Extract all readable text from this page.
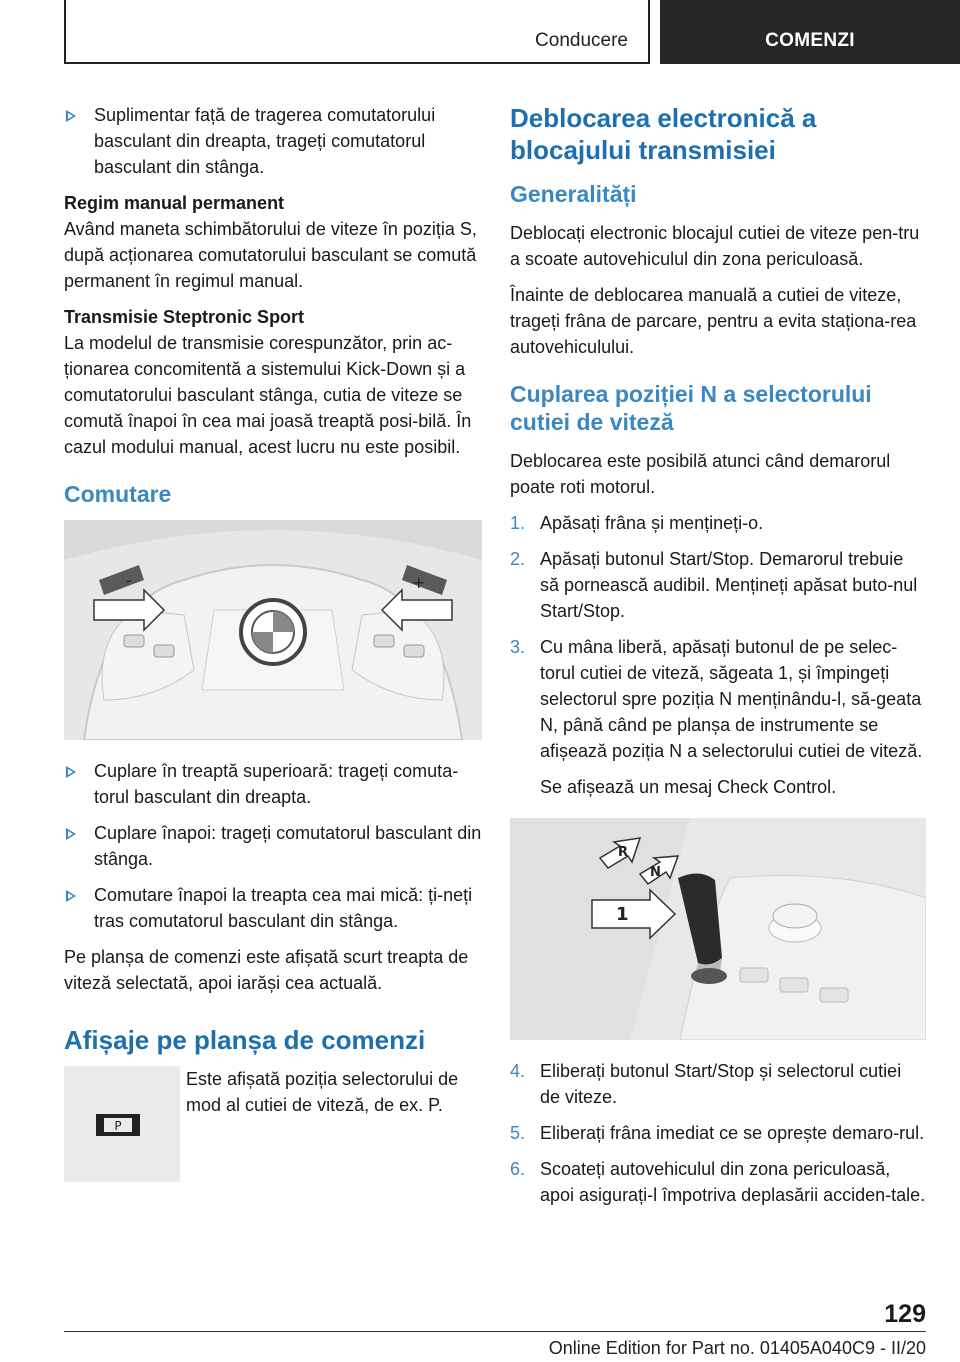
Conducere	COMENZI
Suplimentar față de tragerea comutatorului basculant din dreapta, trageți comutatorul basculant din stânga.
Regim manual permanent

Având maneta schimbătorului de viteze în poziția S, după acționarea comutatorului basculant se comută permanent în regimul manual.

Transmisie Steptronic Sport

La modelul de transmisie corespunzător, prin ac-ționarea concomitentă a sistemului Kick-Down și a comutatorului basculant stânga, cutia de viteze se comută înapoi în cea mai joasă treaptă posi-bilă. În cazul modului manual, acest lucru nu este posibil.

Comutare
-	+
Cuplare în treaptă superioară: trageți comuta-torul basculant din dreapta.
Cuplare înapoi: trageți comutatorul basculant din stânga.
Comutare înapoi la treapta cea mai mică: ți-neți tras comutatorul basculant din stânga.

Pe planșa de comenzi este afișată scurt treapta de viteză selectată, apoi iarăși cea actuală.

Afișaje pe planșa de comenzi
P
Este afișată poziția selectorului de mod al cutiei de viteză, de ex. P.
Deblocarea electronică a blocajului transmisiei
Generalități

Deblocați electronic blocajul cutiei de viteze pen-tru a scoate autovehiculul din zona periculoasă.

Înainte de deblocarea manuală a cutiei de viteze, trageți frâna de parcare, pentru a evita staționa-rea autovehiculului.

Cuplarea poziției N a selectorului cutiei de viteză

Deblocarea este posibilă atunci când demarorul poate roti motorul.

1. Apăsați frâna și mențineți-o.
2. Apăsați butonul Start/Stop. Demarorul trebuie să pornească audibil. Mențineți apăsat buto-nul Start/Stop.
3. Cu mâna liberă, apăsați butonul de pe selec-torul cutiei de viteză, săgeata 1, și împingeți selectorul spre poziția N menținându-l, să-geata N, până când pe planșa de instrumente se afișează poziția N a selectorului cutiei de viteză.
Se afișează un mesaj Check Control.
R
N
1
4. Eliberați butonul Start/Stop și selectorul cutiei de viteze.
5. Eliberați frâna imediat ce se oprește demaro-rul.
6. Scoateți autovehiculul din zona periculoasă, apoi asigurați-l împotriva deplasării acciden-tale.
129
Online Edition for Part no. 01405A040C9 - II/20
